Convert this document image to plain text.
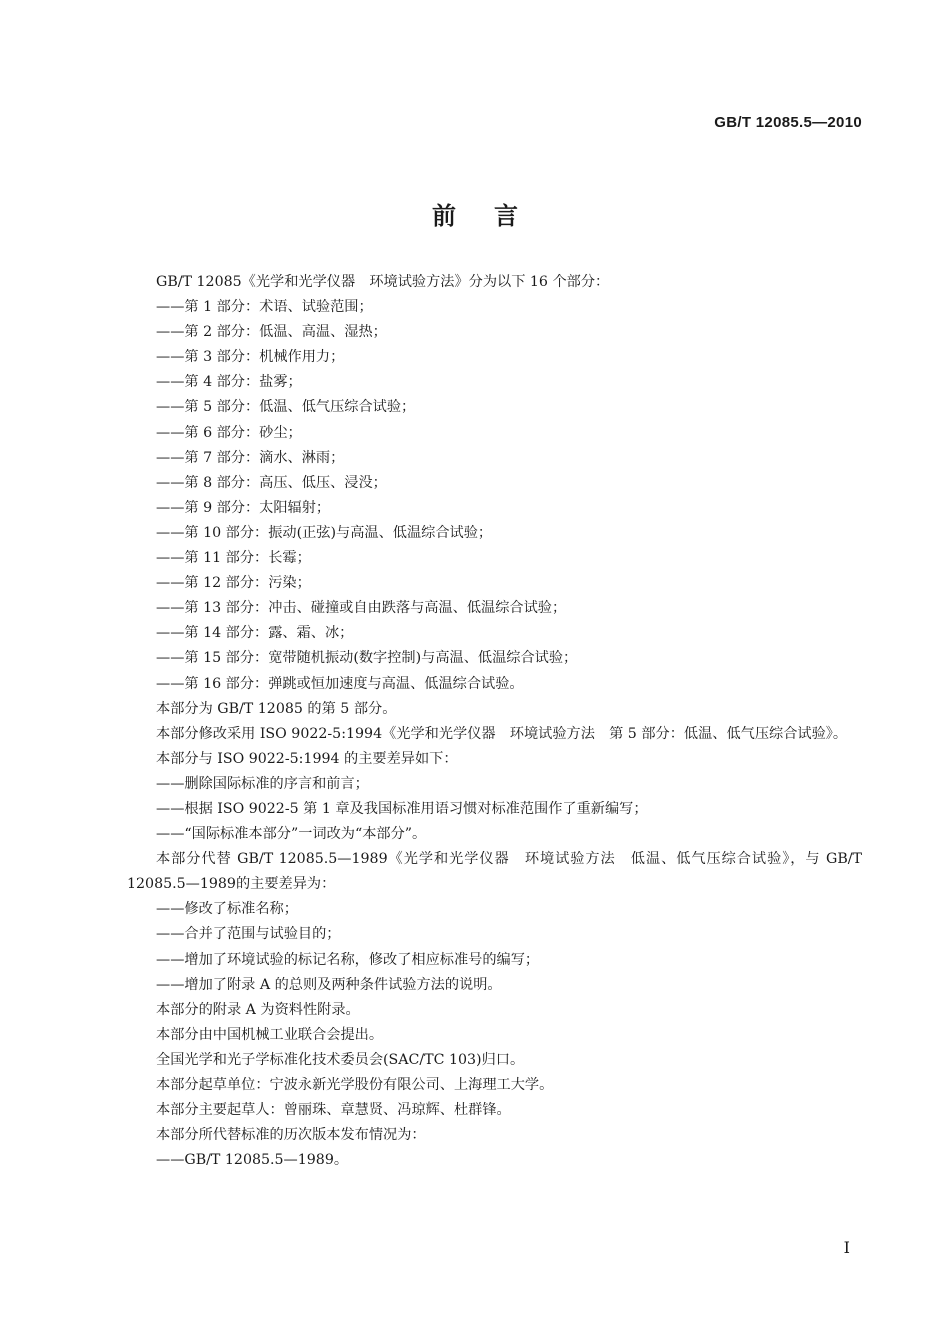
GB/T 12085.5—2010
前言

GB/T 12085《光学和光学仪器　环境试验方法》分为以下 16 个部分：

——第 1 部分：术语、试验范围；

——第 2 部分：低温、高温、湿热；

——第 3 部分：机械作用力；

——第 4 部分：盐雾；

——第 5 部分：低温、低气压综合试验；

——第 6 部分：砂尘；

——第 7 部分：滴水、淋雨；

——第 8 部分：高压、低压、浸没；

——第 9 部分：太阳辐射；

——第 10 部分：振动(正弦)与高温、低温综合试验；

——第 11 部分：长霉；

——第 12 部分：污染；

——第 13 部分：冲击、碰撞或自由跌落与高温、低温综合试验；

——第 14 部分：露、霜、冰；

——第 15 部分：宽带随机振动(数字控制)与高温、低温综合试验；

——第 16 部分：弹跳或恒加速度与高温、低温综合试验。

本部分为 GB/T 12085 的第 5 部分。

本部分修改采用 ISO 9022-5:1994《光学和光学仪器　环境试验方法　第 5 部分：低温、低气压综合试验》。

本部分与 ISO 9022-5:1994 的主要差异如下：

——删除国际标准的序言和前言；

——根据 ISO 9022-5 第 1 章及我国标准用语习惯对标准范围作了重新编写；

——“国际标准本部分”一词改为“本部分”。

本部分代替 GB/T 12085.5—1989《光学和光学仪器　环境试验方法　低温、低气压综合试验》，与 GB/T 12085.5—1989的主要差异为：

——修改了标准名称；

——合并了范围与试验目的；

——增加了环境试验的标记名称，修改了相应标准号的编写；

——增加了附录 A 的总则及两种条件试验方法的说明。

本部分的附录 A 为资料性附录。

本部分由中国机械工业联合会提出。

全国光学和光子学标准化技术委员会(SAC/TC 103)归口。

本部分起草单位：宁波永新光学股份有限公司、上海理工大学。

本部分主要起草人：曾丽珠、章慧贤、冯琼辉、杜群锋。

本部分所代替标准的历次版本发布情况为：

——GB/T 12085.5—1989。

I
